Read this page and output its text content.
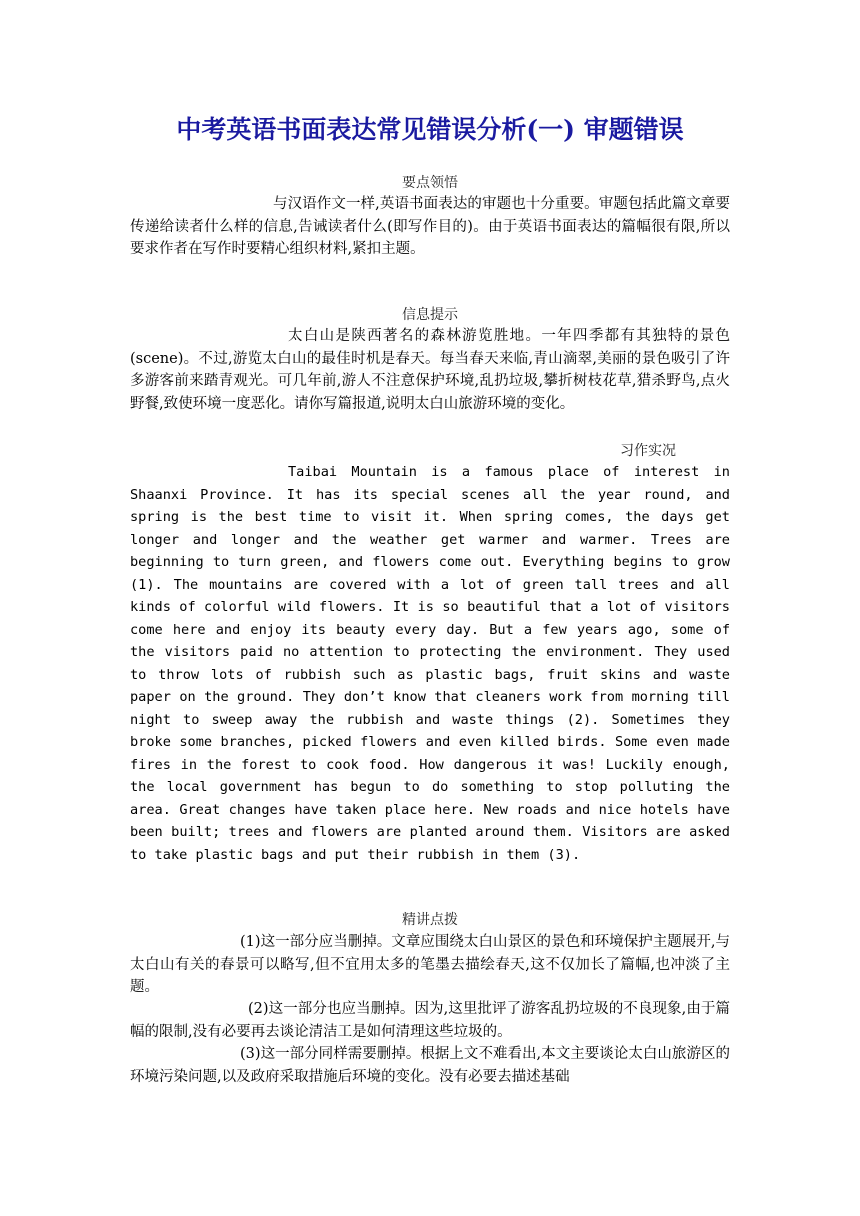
中考英语书面表达常见错误分析(一) 审题错误
要点领悟
与汉语作文一样,英语书面表达的审题也十分重要。审题包括此篇文章要传递给读者什么样的信息,告诫读者什么(即写作目的)。由于英语书面表达的篇幅很有限,所以要求作者在写作时要精心组织材料,紧扣主题。
信息提示
太白山是陕西著名的森林游览胜地。一年四季都有其独特的景色(scene)。不过,游览太白山的最佳时机是春天。每当春天来临,青山滴翠,美丽的景色吸引了许多游客前来踏青观光。可几年前,游人不注意保护环境,乱扔垃圾,攀折树枝花草,猎杀野鸟,点火野餐,致使环境一度恶化。请你写篇报道,说明太白山旅游环境的变化。
习作实况
Taibai Mountain is a famous place of interest in Shaanxi Province. It has its special scenes all the year round, and spring is the best time to visit it. When spring comes, the days get longer and longer and the weather get warmer and warmer. Trees are beginning to turn green, and flowers come out. Everything begins to grow (1). The mountains are covered with a lot of green tall trees and all kinds of colorful wild flowers. It is so beautiful that a lot of visitors come here and enjoy its beauty every day. But a few years ago, some of the visitors paid no attention to protecting the environment. They used to throw lots of rubbish such as plastic bags, fruit skins and waste paper on the ground. They don’t know that cleaners work from morning till night to sweep away the rubbish and waste things (2). Sometimes they broke some branches, picked flowers and even killed birds. Some even made fires in the forest to cook food. How dangerous it was! Luckily enough, the local government has begun to do something to stop polluting the area. Great changes have taken place here. New roads and nice hotels have been built; trees and flowers are planted around them. Visitors are asked to take plastic bags and put their rubbish in them (3).
精讲点拨
(1)这一部分应当删掉。文章应围绕太白山景区的景色和环境保护主题展开,与太白山有关的春景可以略写,但不宜用太多的笔墨去描绘春天,这不仅加长了篇幅,也冲淡了主题。
(2)这一部分也应当删掉。因为,这里批评了游客乱扔垃圾的不良现象,由于篇幅的限制,没有必要再去谈论清洁工是如何清理这些垃圾的。
(3)这一部分同样需要删掉。根据上文不难看出,本文主要谈论太白山旅游区的环境污染问题,以及政府采取措施后环境的变化。没有必要去描述基础
